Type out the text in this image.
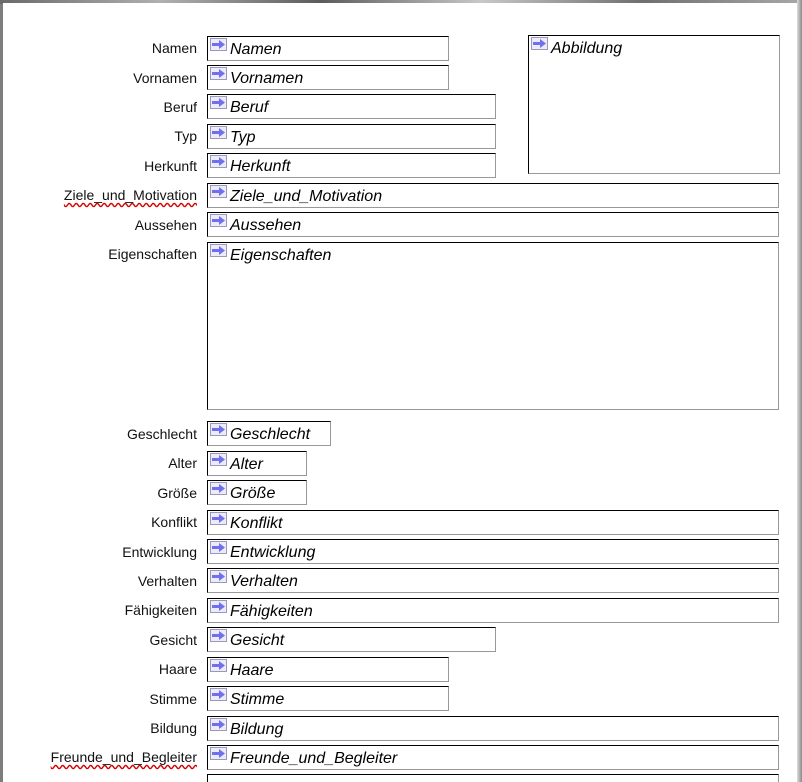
Namen
Vornamen
Beruf
Typ
Herkunft
Ziele_und_Motivation
Aussehen
Eigenschaften
Geschlecht
Alter
Größe
Konflikt
Entwicklung
Verhalten
Fähigkeiten
Gesicht
Haare
Stimme
Bildung
Freunde_und_Begleiter
Namen
Vornamen
Beruf
Typ
Herkunft
Abbildung
Ziele_und_Motivation
Aussehen
Eigenschaften
Geschlecht
Alter
Größe
Konflikt
Entwicklung
Verhalten
Fähigkeiten
Gesicht
Haare
Stimme
Bildung
Freunde_und_Begleiter
